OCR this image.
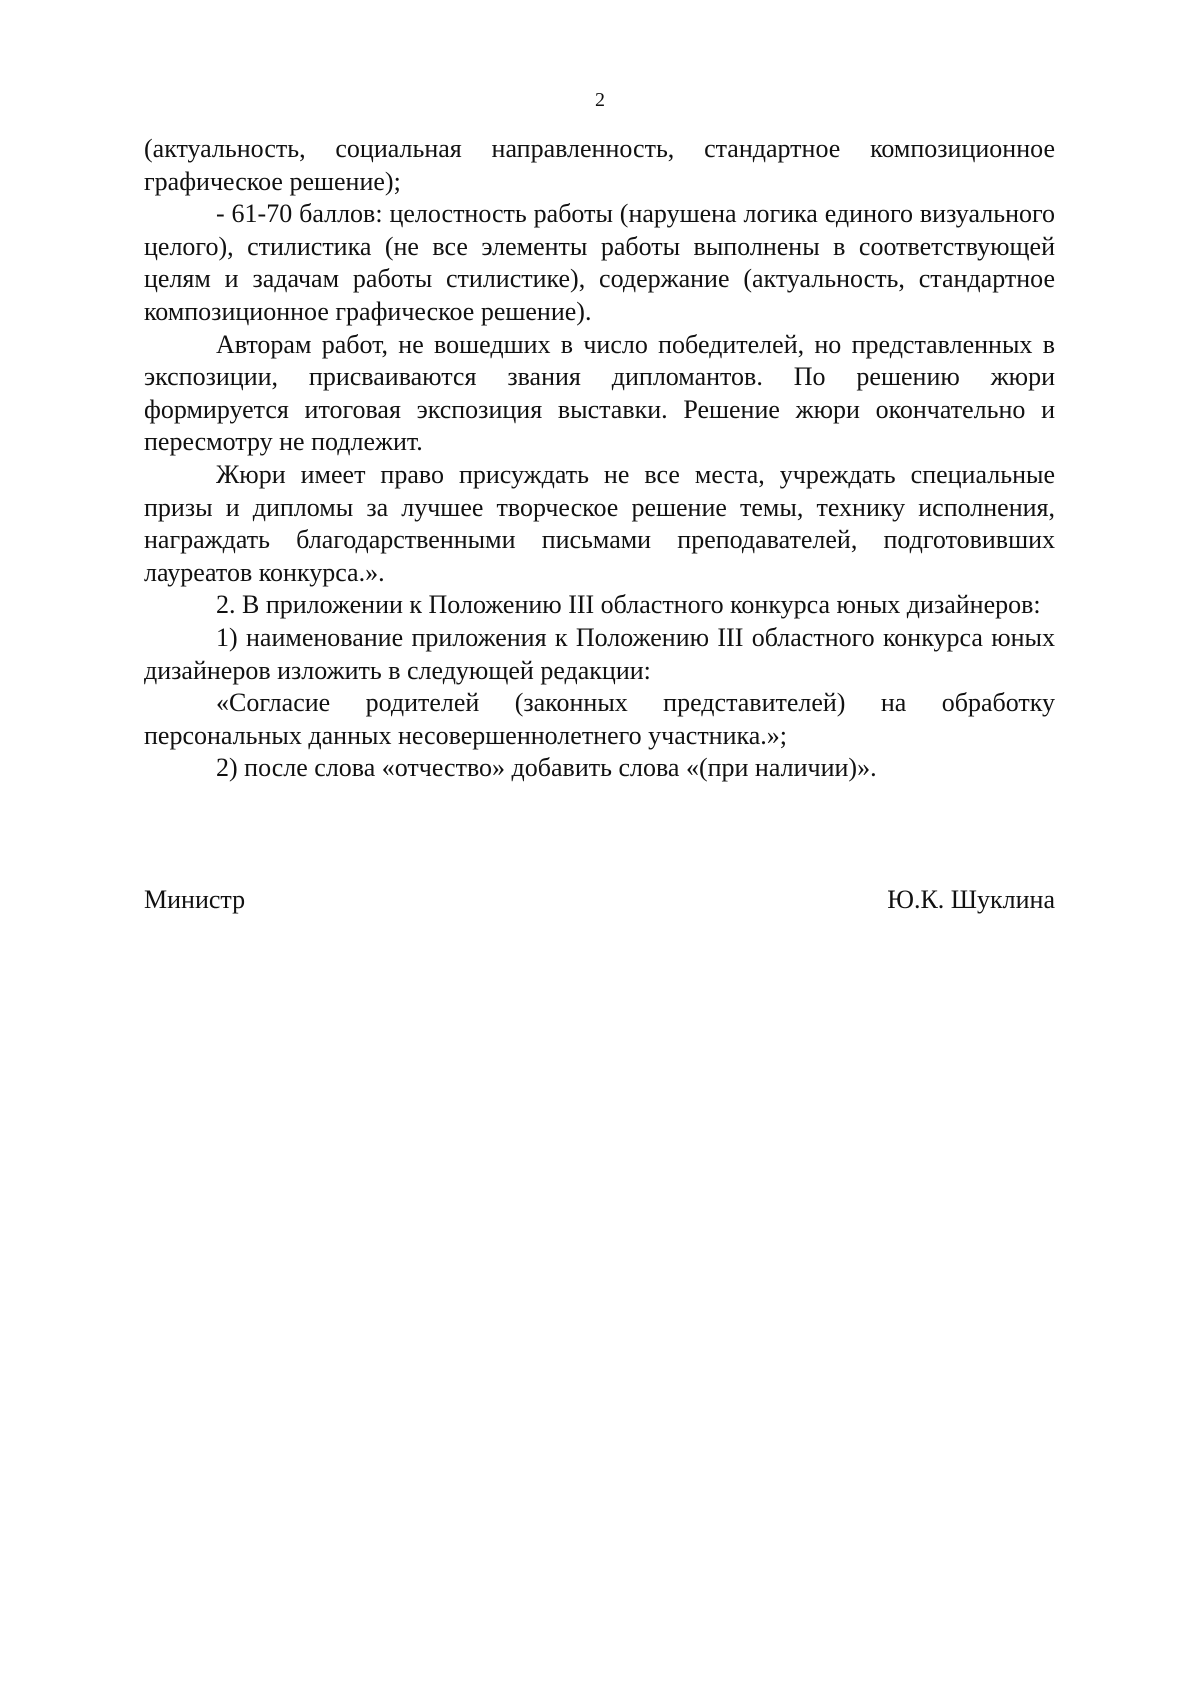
2

(актуальность, социальная направленность, стандартное композиционное графическое решение);

- 61-70 баллов: целостность работы (нарушена логика единого визуального целого), стилистика (не все элементы работы выполнены в соответствующей целям и задачам работы стилистике), содержание (актуальность, стандартное композиционное графическое решение).

Авторам работ, не вошедших в число победителей, но представленных в экспозиции, присваиваются звания дипломантов. По решению жюри формируется итоговая экспозиция выставки. Решение жюри окончательно и пересмотру не подлежит.

Жюри имеет право присуждать не все места, учреждать специальные призы и дипломы за лучшее творческое решение темы, технику исполнения, награждать благодарственными письмами преподавателей, подготовивших лауреатов конкурса.».

2. В приложении к Положению III областного конкурса юных дизайнеров:

1) наименование приложения к Положению III областного конкурса юных дизайнеров изложить в следующей редакции:

«Согласие родителей (законных представителей) на обработку персональных данных несовершеннолетнего участника.»;

2) после слова «отчество» добавить слова «(при наличии)».

Министр	Ю.К. Шуклина
